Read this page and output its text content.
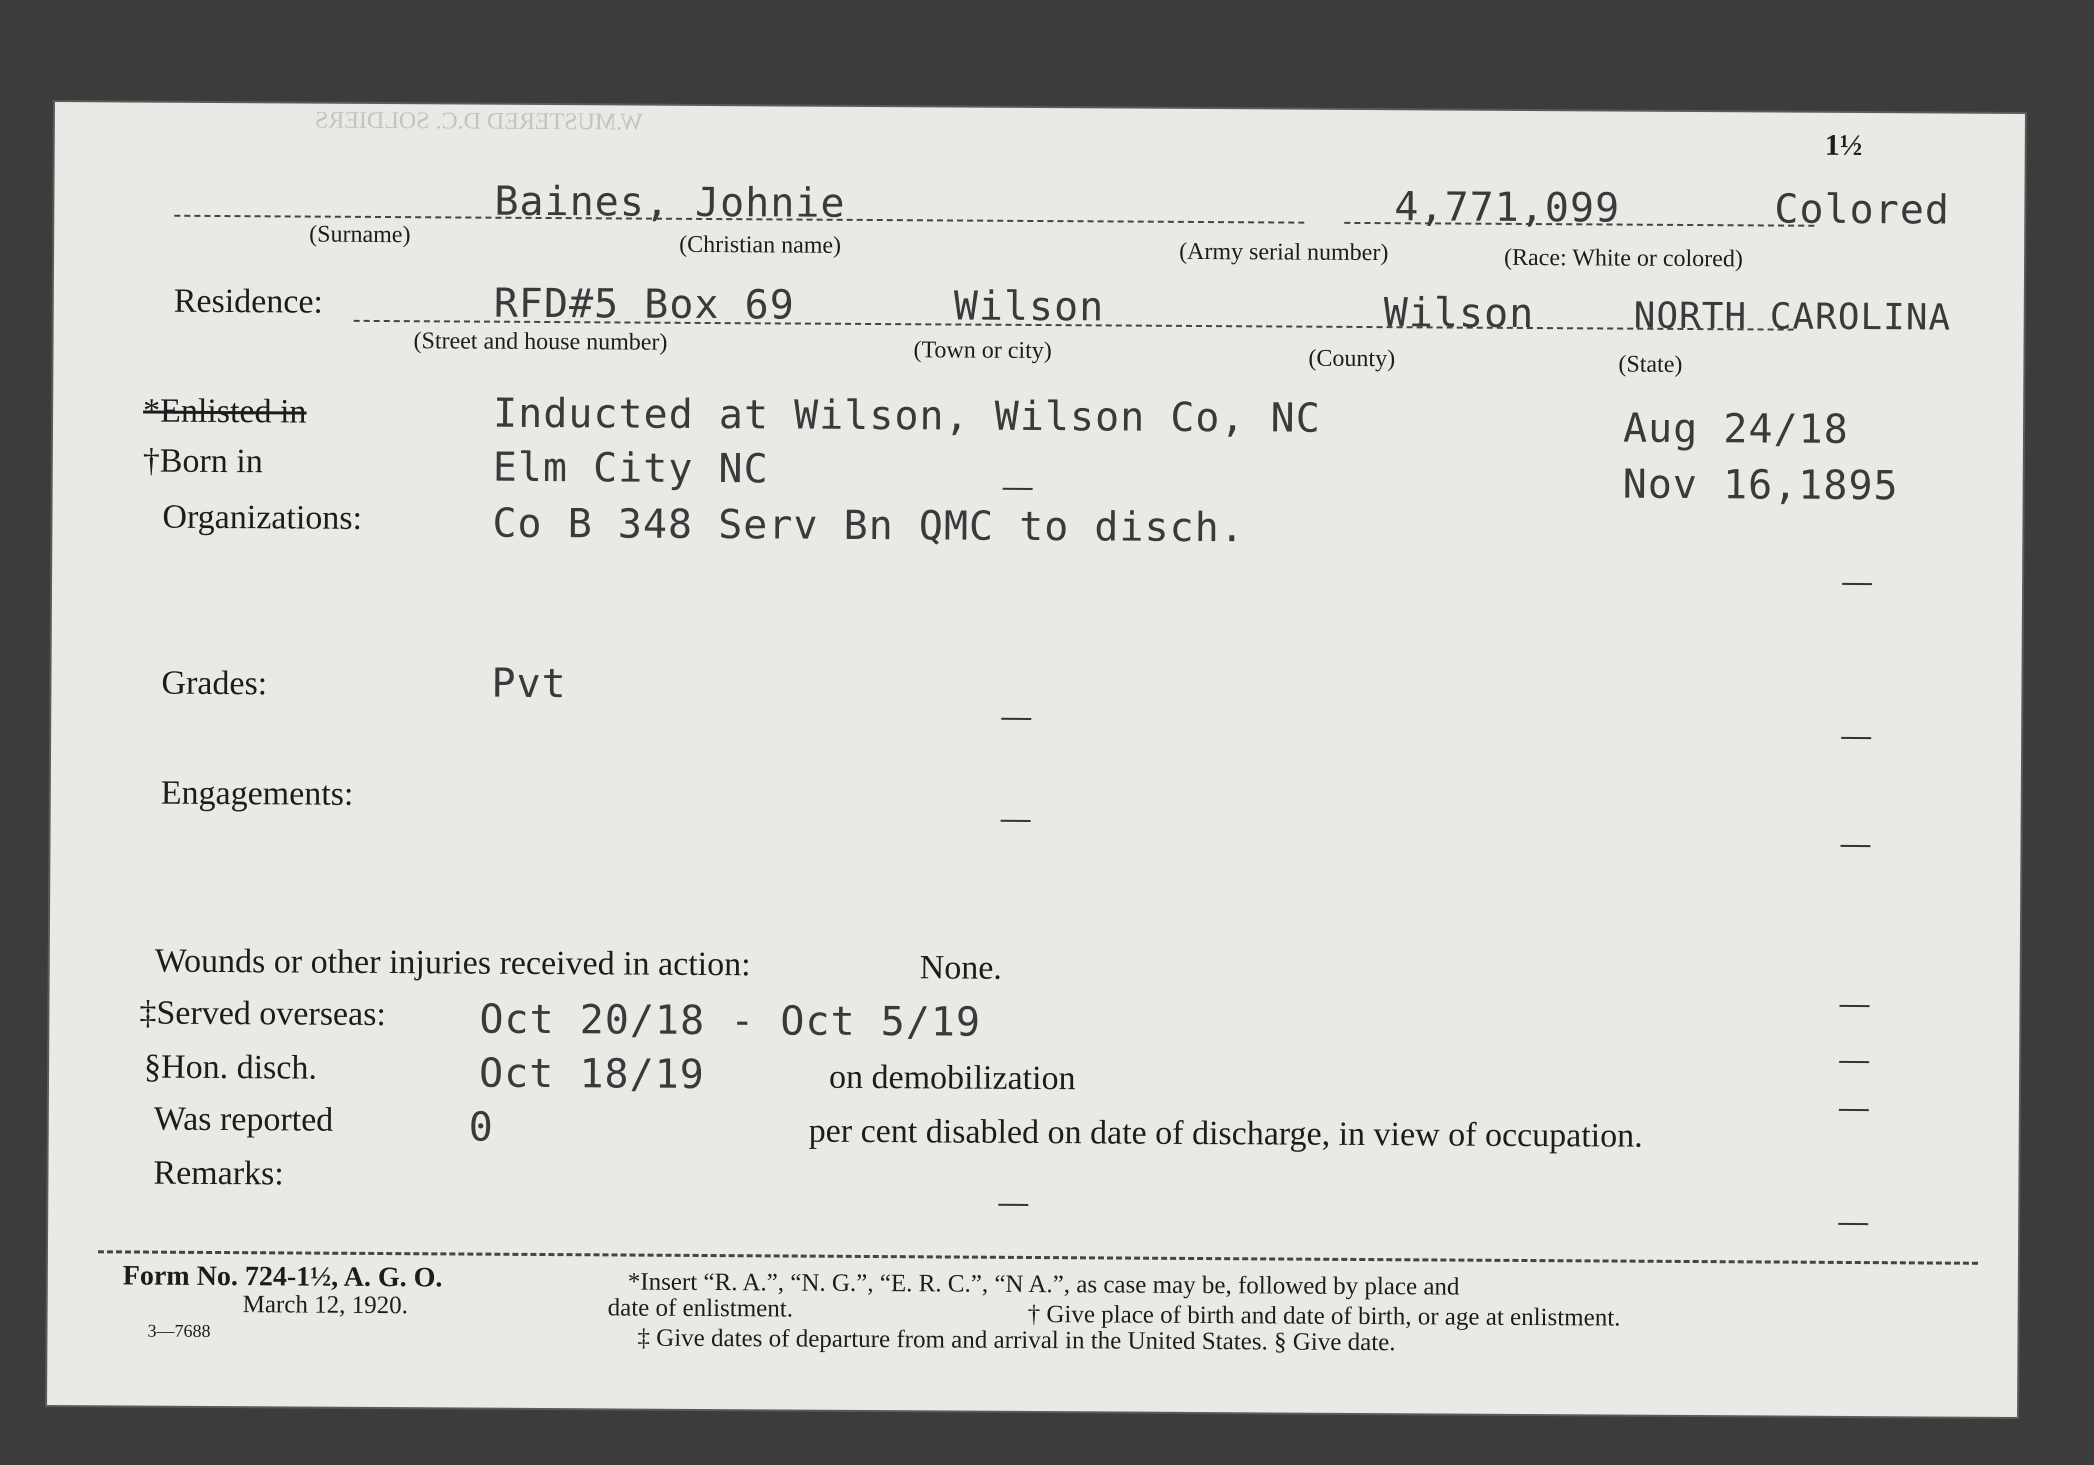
W.MUSTERED D.C. SOLDIERS
1½
Baines, Johnie	4,771,099	Colored
(Surname)	(Christian name)	(Army serial number)	(Race: White or colored)
Residence:	RFD#5 Box 69	Wilson	Wilson	NORTH CAROLINA
(Street and house number)	(Town or city)	(County)	(State)
*Enlisted in	Inducted at Wilson, Wilson Co, NC	Aug 24/18
†Born in	Elm City NC	Nov 16,1895
Organizations:	Co B 348 Serv Bn QMC to disch.
Grades:	Pvt
Engagements:
Wounds or other injuries received in action:	None.
‡Served overseas: Oct 20/18 - Oct 5/19
§Hon. disch.	Oct 18/19	on demobilization
Was reported	0	per cent disabled on date of discharge, in view of occupation.
Remarks:
Form No. 724-1½, A. G. O.
March 12, 1920.
3—7688
*Insert “R. A.”, “N. G.”, “E. R. C.”, “N A.”, as case may be, followed by place and
date of enlistment.	† Give place of birth and date of birth, or age at enlistment.
‡ Give dates of departure from and arrival in the United States. § Give date.
